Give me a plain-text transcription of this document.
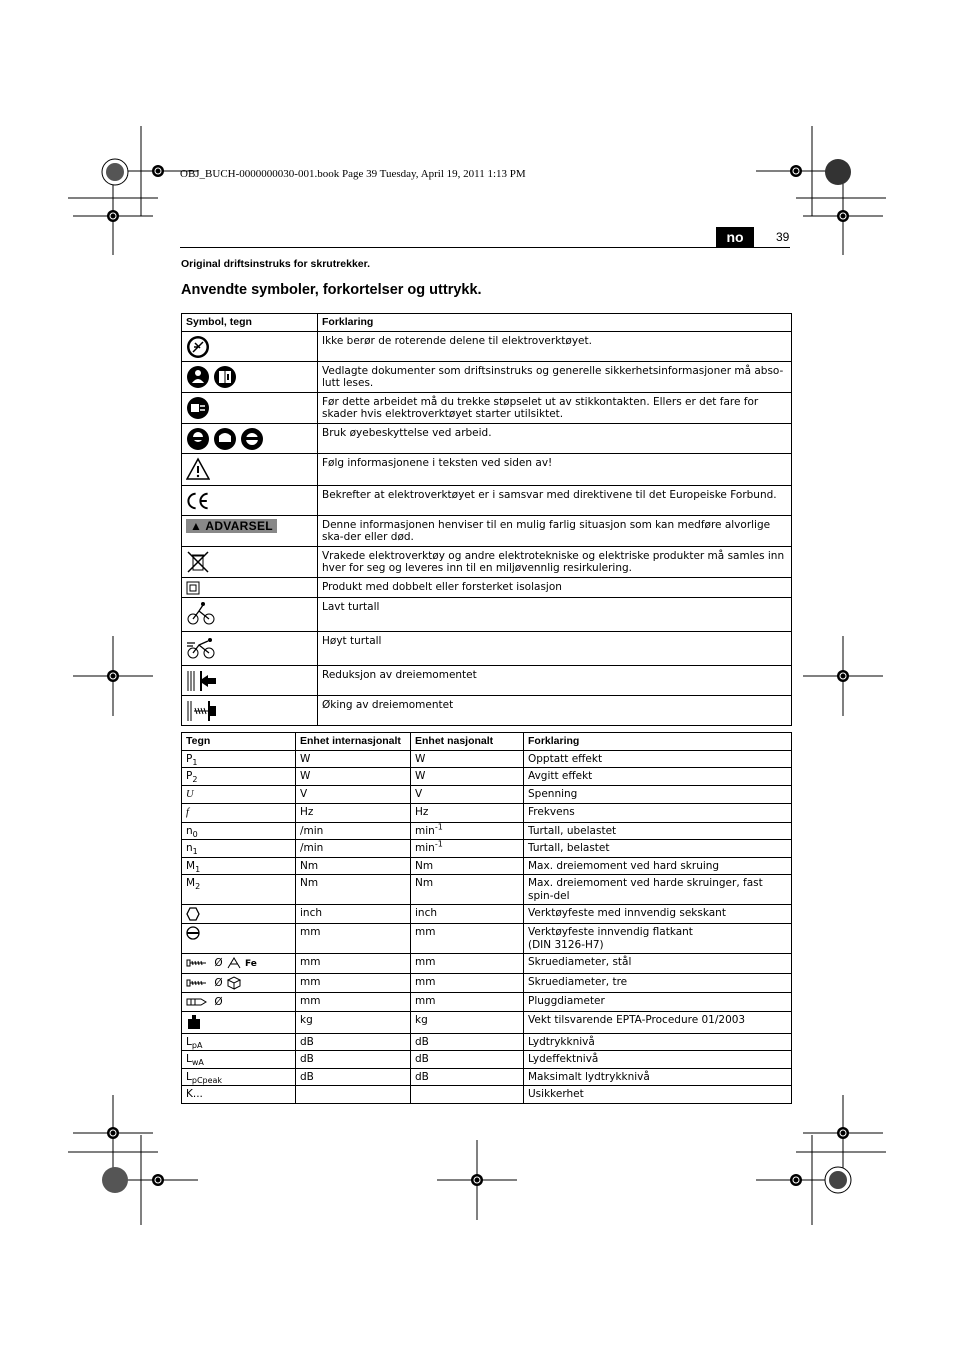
OBJ_BUCH-0000000030-001.book Page 39 Tuesday, April 19, 2011 1:13 PM
no	39
Original driftsinstruks for skrutrekker.
Anvendte symboler, forkortelser og uttrykk.
Symbol, tegn	Forklaring

	Ikke berør de roterende delene til elektroverktøyet.

	Vedlagte dokumenter som driftsinstruks og generelle sikkerhetsinformasjoner må abso-lutt leses.

	Før dette arbeidet må du trekke støpselet ut av stikkontakten. Ellers er det fare for skader hvis elektroverktøyet starter utilsiktet.

	Bruk øyebeskyttelse ved arbeid.

	Følg informasjonene i teksten ved siden av!

	Bekrefter at elektroverktøyet er i samsvar med direktivene til det Europeiske Forbund.
▲ ADVARSEL	Denne informasjonen henviser til en mulig farlig situasjon som kan medføre alvorlige ska-der eller død.

	Vrakede elektroverktøy og andre elektrotekniske og elektriske produkter må samles inn hver for seg og leveres inn til en miljøvennlig resirkulering.

	Produkt med dobbelt eller forsterket isolasjon

	Lavt turtall

	Høyt turtall

	Reduksjon av dreiemomentet

	Øking av dreiemomentet
Tegn	Enhet internasjonalt	Enhet nasjonalt	Forklaring
$P_1$	W	W	Opptatt effekt
$P_2$	W	W	Avgitt effekt
U	V	V	Spenning
f	Hz	Hz	Frekvens
$n_0$	/min	$\min^{-1}$	Turtall, ubelastet
$n_1$	/min	$\min^{-1}$	Turtall, belastet
$M_1$	Nm	Nm	Max. dreiemoment ved hard skruing
$M_2$	Nm	Nm	Max. dreiemoment ved harde skruinger, fast spin-del

	inch	inch	Verktøyfeste med innvendig sekskant

	mm	mm	Verktøyfeste innvendig flatkant
(DIN 3126-H7)

Ø Fe	mm	mm	Skruediameter, stål

Ø	mm	mm	Skruediameter, tre

Ø	mm	mm	Pluggdiameter

	kg	kg	Vekt tilsvarende EPTA-Procedure 01/2003
$L_{pA}$	dB	dB	Lydtrykknivå
$L_{wA}$	dB	dB	Lydeffektnivå
$L_{pCpeak}$	dB	dB	Maksimalt lydtrykknivå
K...			Usikkerhet
